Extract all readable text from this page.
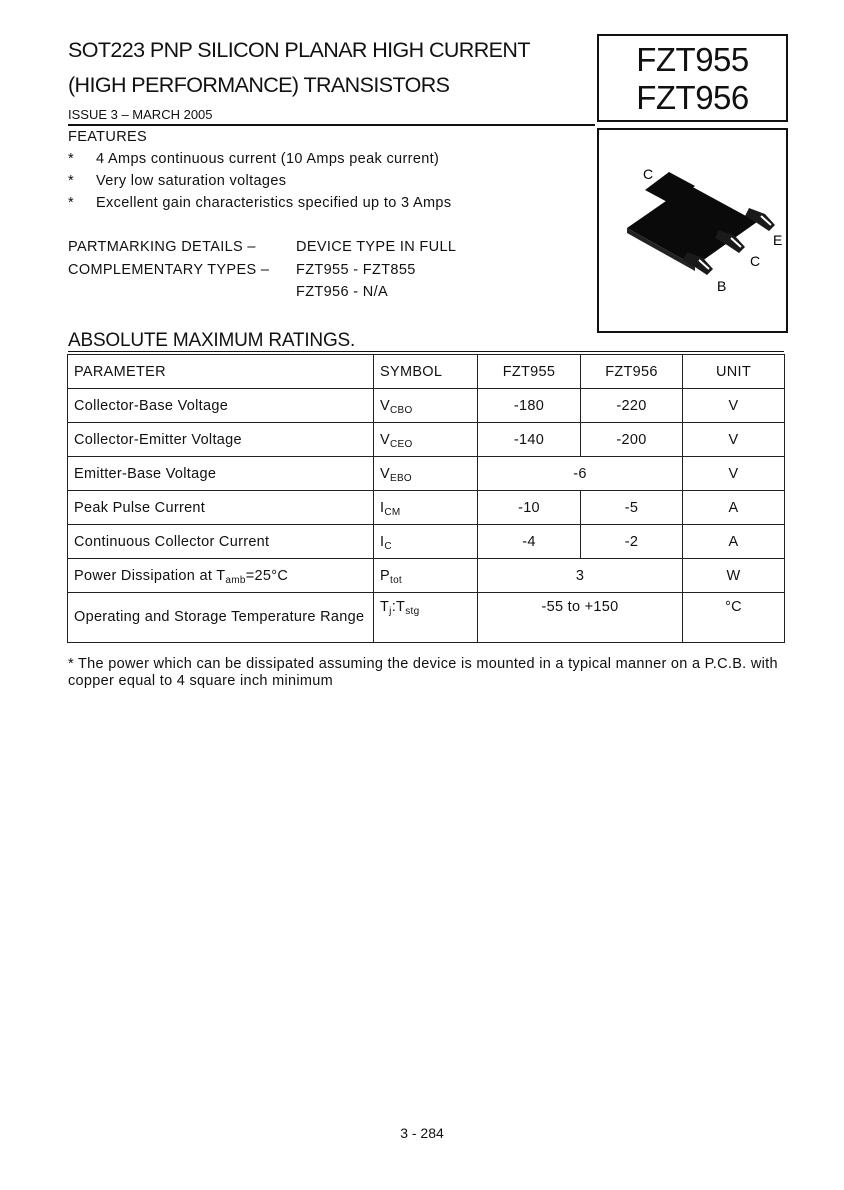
SOT223 PNP SILICON PLANAR HIGH CURRENT
(HIGH PERFORMANCE) TRANSISTORS
ISSUE 3 – MARCH 2005
FZT955
FZT956
C
E
C
B
FEATURES
* 4 Amps continuous current (10 Amps peak current)
* Very low saturation voltages
* Excellent gain characteristics specified up to 3 Amps
PARTMARKING DETAILS –	DEVICE TYPE IN FULL
COMPLEMENTARY TYPES – FZT955 - FZT855
FZT956 - N/A
ABSOLUTE MAXIMUM RATINGS.
PARAMETER	SYMBOL	FZT955	FZT956	UNIT
Collector-Base Voltage	$V_{CBO}$	-180	-220	V
Collector-Emitter Voltage	$V_{CEO}$	-140	-200	V
Emitter-Base Voltage	$V_{EBO}$	-6		V
Peak Pulse Current	$I_{CM}$	-10	-5	A
Continuous Collector Current	$I_C$	-4	-2	A
Power Dissipation at $T_{amb}=25^\circ C$	$P_{tot}$	3		W
Operating and Storage Temperature Range	$T_j:T_{stg}$	-55 to +150		°C
* The power which can be dissipated assuming the device is mounted in a typical manner on a P.C.B. with copper equal to 4 square inch minimum
3 - 284
